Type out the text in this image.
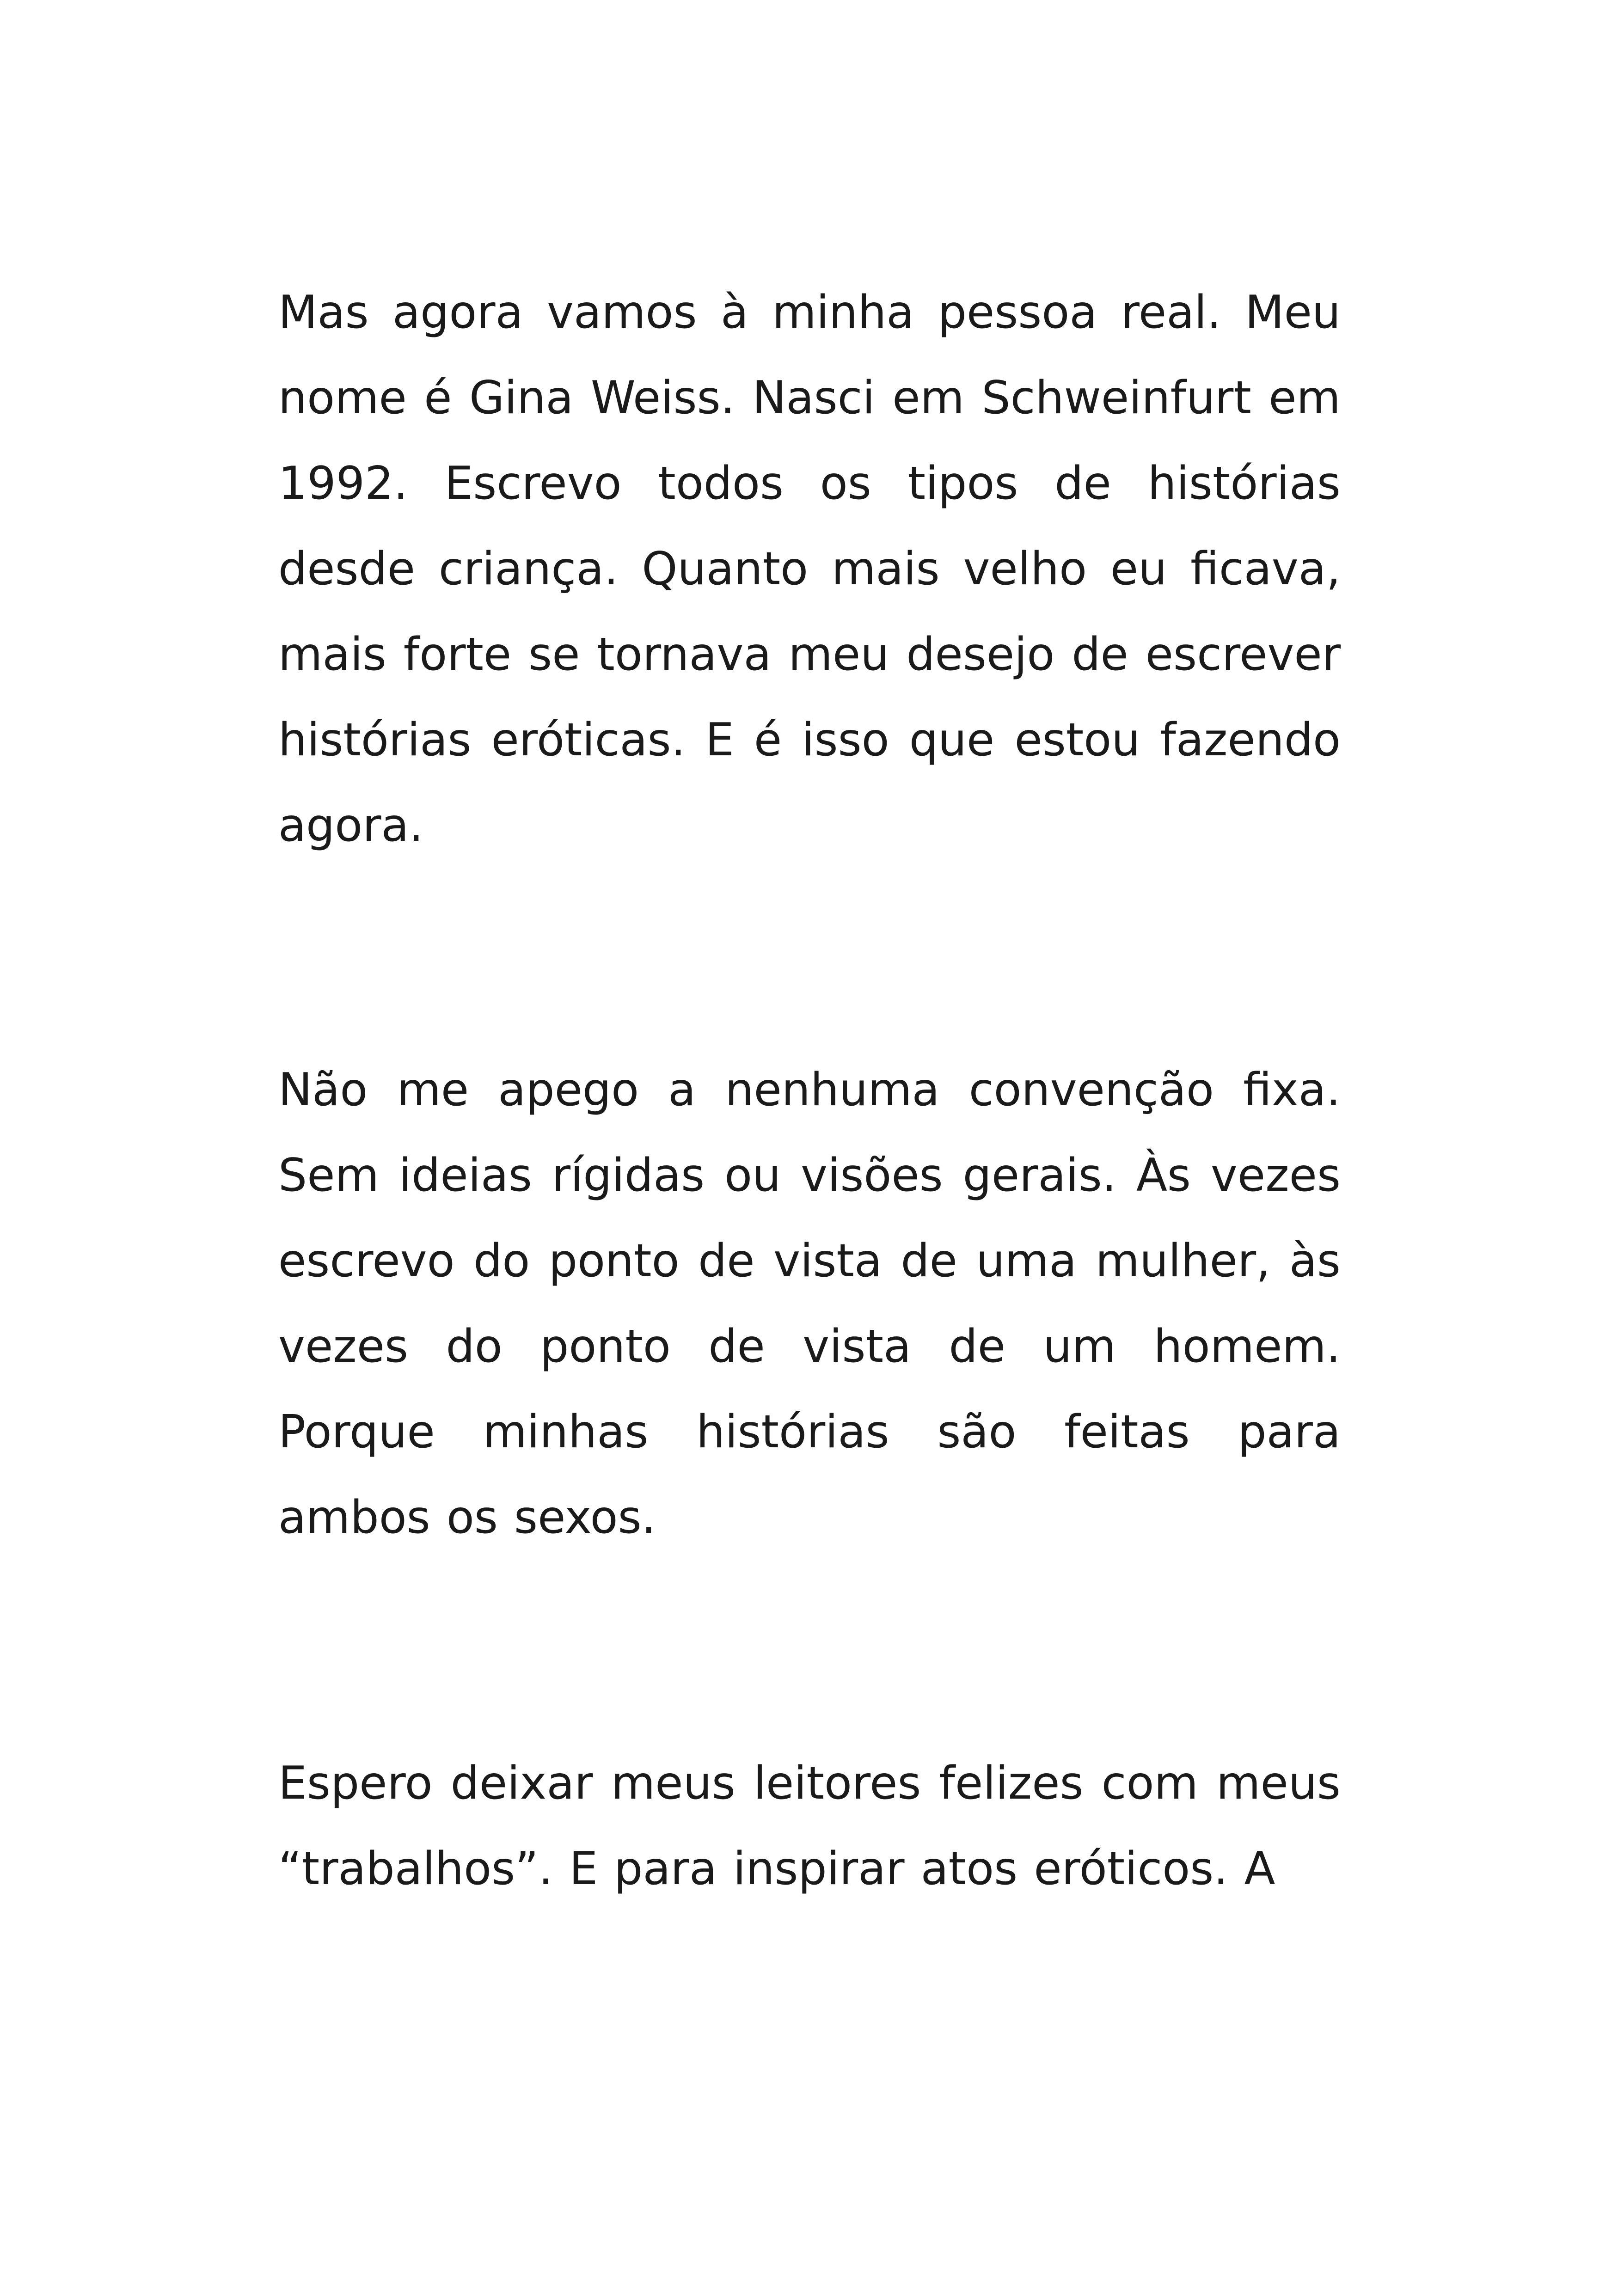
Mas agora vamos à minha pessoa real. Meu nome é Gina Weiss. Nasci em Schweinfurt em 1992. Escrevo todos os tipos de histórias desde criança. Quanto mais velho eu ficava, mais forte se tornava meu desejo de escrever histórias eróticas. E é isso que estou fazendo agora.

Não me apego a nenhuma convenção fixa. Sem ideias rígidas ou visões gerais. Às vezes escrevo do ponto de vista de uma mulher, às vezes do ponto de vista de um homem. Porque minhas histórias são feitas para ambos os sexos.

Espero deixar meus leitores felizes com meus “trabalhos”. E para inspirar atos eróticos. A
